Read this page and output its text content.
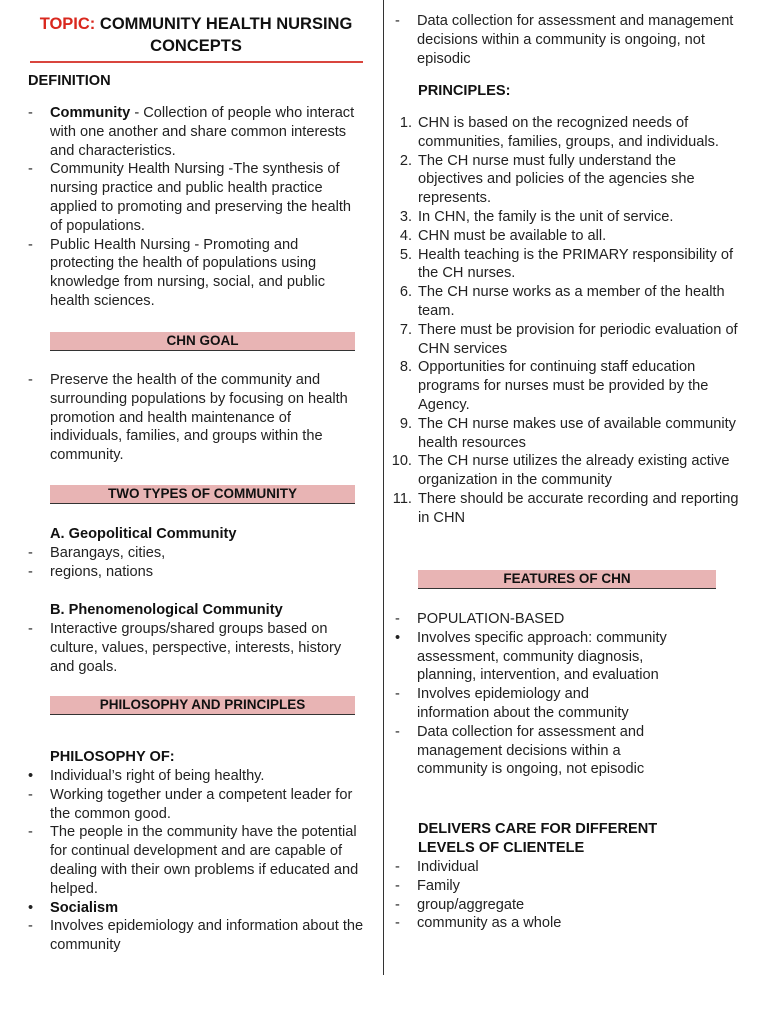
TOPIC: COMMUNITY HEALTH NURSING
CONCEPTS
DEFINITION
-	Community - Collection of people who interact with one another and share common interests and characteristics.
-	Community Health Nursing -The synthesis of nursing practice and public health practice applied to promoting and preserving the health of populations.
-	Public Health Nursing - Promoting and protecting the health of populations using knowledge from nursing, social, and public health sciences.
CHN GOAL
-	Preserve the health of the community and surrounding populations by focusing on health promotion and health maintenance of individuals, families, and groups within the community.
TWO TYPES OF COMMUNITY
A. Geopolitical Community
-	Barangays, cities,
-	regions, nations
B. Phenomenological Community
-	Interactive groups/shared groups based on culture, values, perspective, interests, history and goals.
PHILOSOPHY AND PRINCIPLES
PHILOSOPHY OF:
•	Individual’s right of being healthy.
-	Working together under a competent leader for the common good.
-	The people in the community have the potential for continual development and are capable of dealing with their own problems if educated and helped.
•	Socialism
-	Involves epidemiology and information about the community
-	Data collection for assessment and management decisions within a community is ongoing, not episodic
PRINCIPLES:
1. CHN is based on the recognized needs of communities, families, groups, and individuals.
2. The CH nurse must fully understand the objectives and policies of the agencies she represents.
3. In CHN, the family is the unit of service.
4. CHN must be available to all.
5. Health teaching is the PRIMARY responsibility of the CH nurses.
6. The CH nurse works as a member of the health team.
7. There must be provision for periodic evaluation of CHN services
8. Opportunities for continuing staff education programs for nurses must be provided by the Agency.
9. The CH nurse makes use of available community health resources
10. The CH nurse utilizes the already existing active organization in the community
11. There should be accurate recording and reporting in CHN
FEATURES OF CHN
-	POPULATION-BASED
•	Involves specific approach: community assessment, community diagnosis, planning, intervention, and evaluation
-	Involves epidemiology and information about the community
-	Data collection for assessment and management decisions within a community is ongoing, not episodic
DELIVERS CARE FOR DIFFERENT
LEVELS OF CLIENTELE
-	Individual
-	Family
-	group/aggregate
-	community as a whole
